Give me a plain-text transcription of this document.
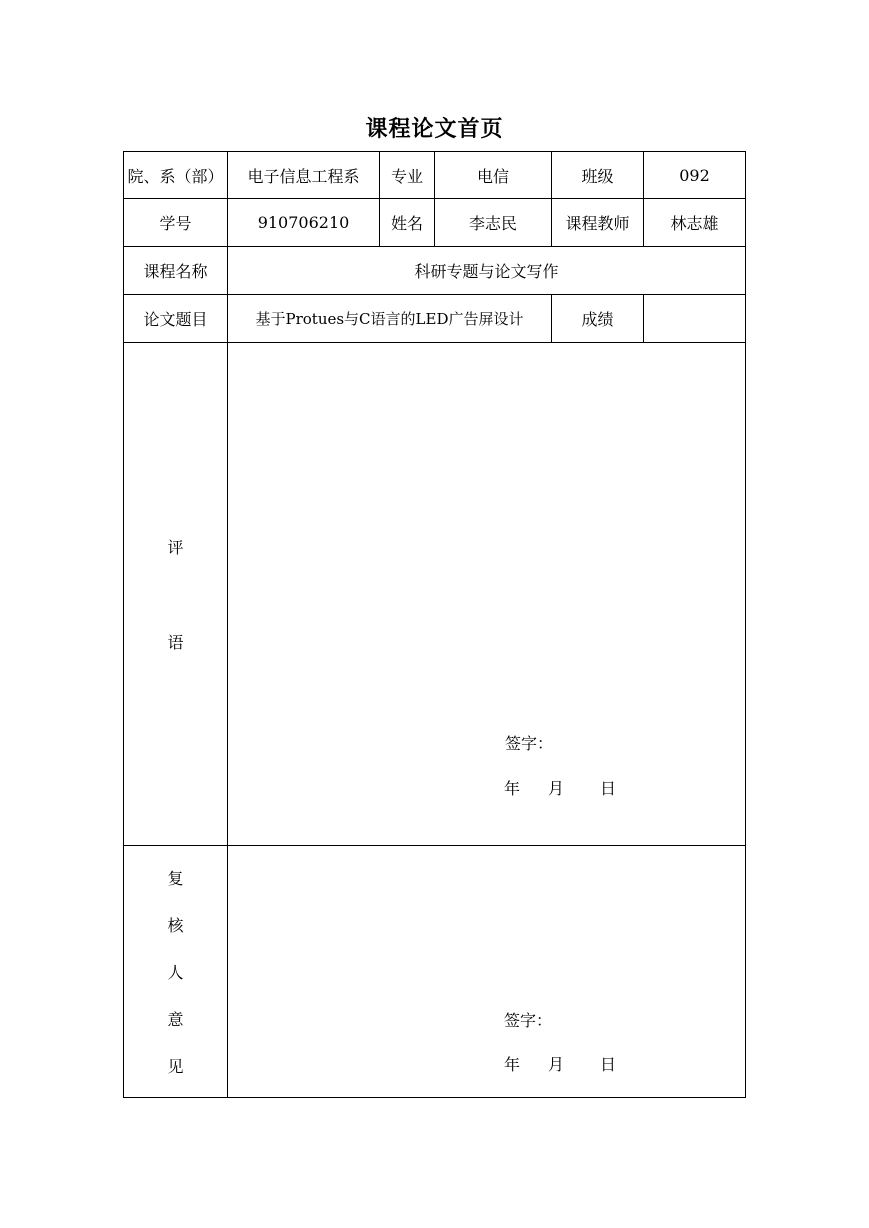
课程论文首页
院、系（部）	电子信息工程系	专业	电信	班级	092
学号	910706210	姓名	李志民	课程教师	林志雄
课程名称	科研专题与论文写作				
论文题目	基于Protues与C语言的LED广告屏设计			成绩	

评
语	签字：
年 月 日				

复
核
人
意
见	签字：
年 月 日				
